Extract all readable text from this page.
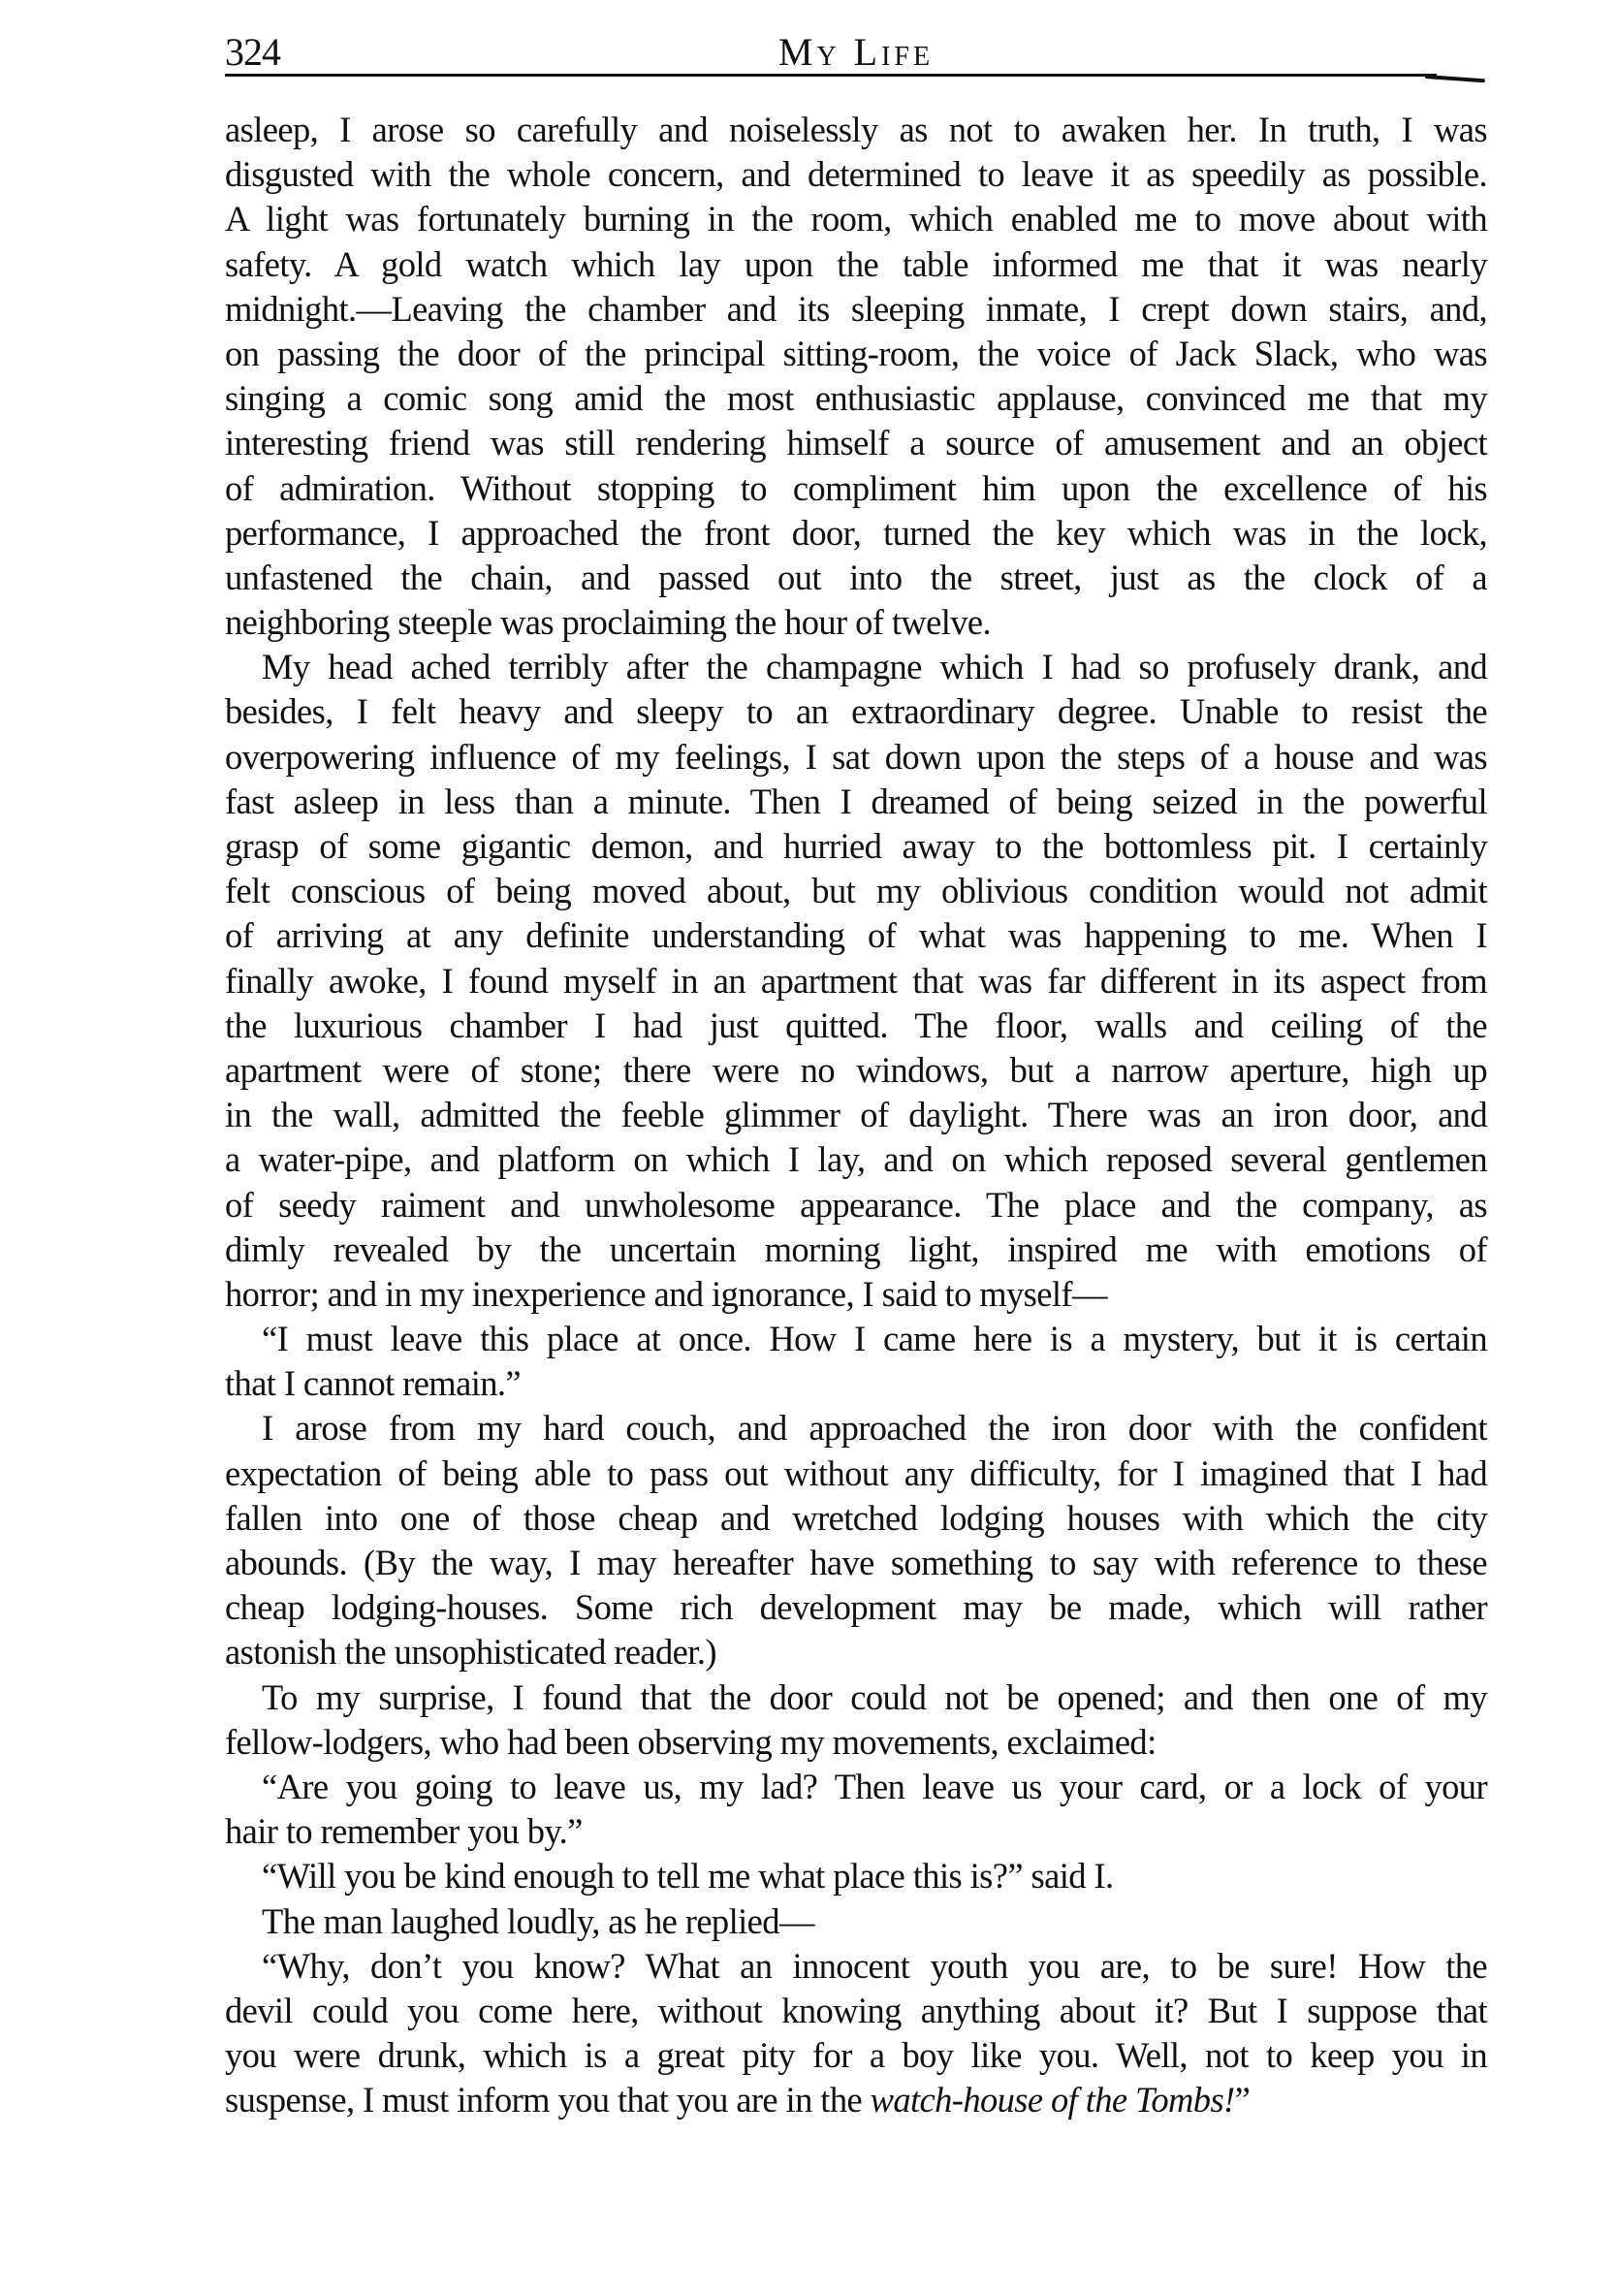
324	My Life
asleep, I arose so carefully and noiselessly as not to awaken her. In truth, I was
disgusted with the whole concern, and determined to leave it as speedily as possible.
A light was fortunately burning in the room, which enabled me to move about with
safety. A gold watch which lay upon the table informed me that it was nearly
midnight.—Leaving the chamber and its sleeping inmate, I crept down stairs, and,
on passing the door of the principal sitting-room, the voice of Jack Slack, who was
singing a comic song amid the most enthusiastic applause, convinced me that my
interesting friend was still rendering himself a source of amusement and an object
of admiration. Without stopping to compliment him upon the excellence of his
performance, I approached the front door, turned the key which was in the lock,
unfastened the chain, and passed out into the street, just as the clock of a
neighboring steeple was proclaiming the hour of twelve.
My head ached terribly after the champagne which I had so profusely drank, and
besides, I felt heavy and sleepy to an extraordinary degree. Unable to resist the
overpowering influence of my feelings, I sat down upon the steps of a house and was
fast asleep in less than a minute. Then I dreamed of being seized in the powerful
grasp of some gigantic demon, and hurried away to the bottomless pit. I certainly
felt conscious of being moved about, but my oblivious condition would not admit
of arriving at any definite understanding of what was happening to me. When I
finally awoke, I found myself in an apartment that was far different in its aspect from
the luxurious chamber I had just quitted. The floor, walls and ceiling of the
apartment were of stone; there were no windows, but a narrow aperture, high up
in the wall, admitted the feeble glimmer of daylight. There was an iron door, and
a water-pipe, and platform on which I lay, and on which reposed several gentlemen
of seedy raiment and unwholesome appearance. The place and the company, as
dimly revealed by the uncertain morning light, inspired me with emotions of
horror; and in my inexperience and ignorance, I said to myself—
“I must leave this place at once. How I came here is a mystery, but it is certain
that I cannot remain.”
I arose from my hard couch, and approached the iron door with the confident
expectation of being able to pass out without any difficulty, for I imagined that I had
fallen into one of those cheap and wretched lodging houses with which the city
abounds. (By the way, I may hereafter have something to say with reference to these
cheap lodging-houses. Some rich development may be made, which will rather
astonish the unsophisticated reader.)
To my surprise, I found that the door could not be opened; and then one of my
fellow-lodgers, who had been observing my movements, exclaimed:
“Are you going to leave us, my lad? Then leave us your card, or a lock of your
hair to remember you by.”
“Will you be kind enough to tell me what place this is?” said I.
The man laughed loudly, as he replied—
“Why, don’t you know? What an innocent youth you are, to be sure! How the
devil could you come here, without knowing anything about it? But I suppose that
you were drunk, which is a great pity for a boy like you. Well, not to keep you in
suspense, I must inform you that you are in the watch-house of the Tombs!”
